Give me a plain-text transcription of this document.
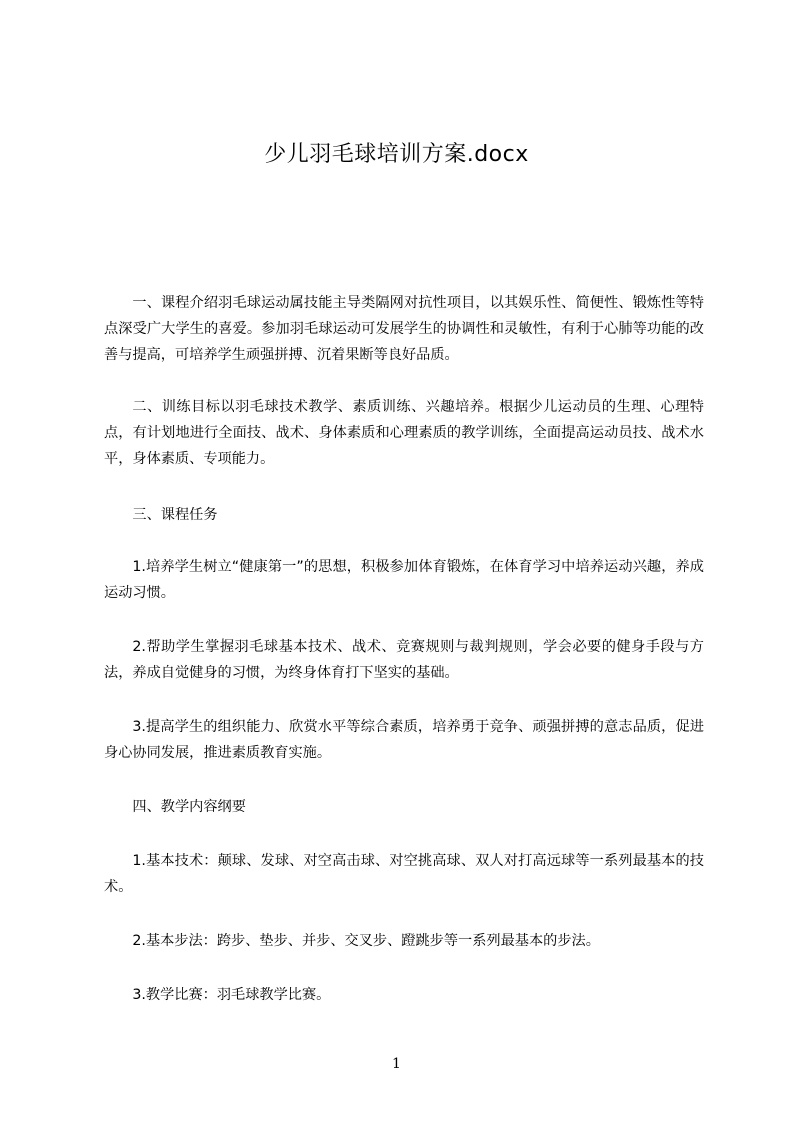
少儿羽毛球培训方案.docx
一、课程介绍羽毛球运动属技能主导类隔网对抗性项目，以其娱乐性、简便性、锻炼性等特点深受广大学生的喜爱。参加羽毛球运动可发展学生的协调性和灵敏性，有利于心肺等功能的改善与提高，可培养学生顽强拼搏、沉着果断等良好品质。
二、训练目标以羽毛球技术教学、素质训练、兴趣培养。根据少儿运动员的生理、心理特点，有计划地进行全面技、战术、身体素质和心理素质的教学训练，全面提高运动员技、战术水平，身体素质、专项能力。
三、课程任务
1.培养学生树立“健康第一”的思想，积极参加体育锻炼，在体育学习中培养运动兴趣，养成运动习惯。
2.帮助学生掌握羽毛球基本技术、战术、竞赛规则与裁判规则，学会必要的健身手段与方法，养成自觉健身的习惯，为终身体育打下坚实的基础。
3.提高学生的组织能力、欣赏水平等综合素质，培养勇于竞争、顽强拼搏的意志品质，促进身心协同发展，推进素质教育实施。
四、教学内容纲要
1.基本技术：颠球、发球、对空高击球、对空挑高球、双人对打高远球等一系列最基本的技术。
2.基本步法：跨步、垫步、并步、交叉步、蹬跳步等一系列最基本的步法。
3.教学比赛：羽毛球教学比赛。
1
